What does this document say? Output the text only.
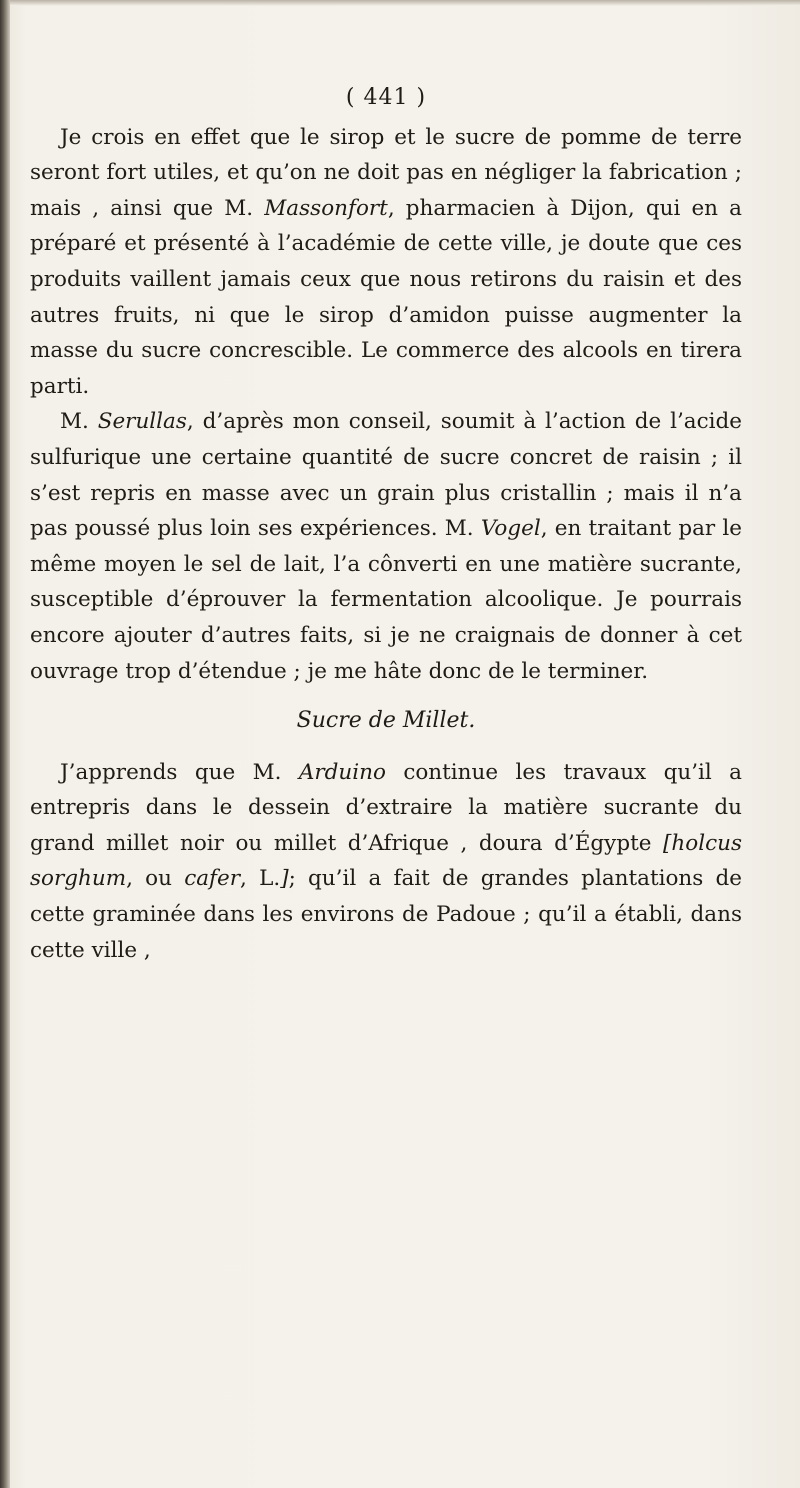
( 441 )

Je crois en effet que le sirop et le sucre de pomme de terre seront fort utiles, et qu’on ne doit pas en négliger la fabrication ; mais , ainsi que M. Massonfort, pharmacien à Dijon, qui en a préparé et présenté à l’académie de cette ville, je doute que ces produits vaillent jamais ceux que nous retirons du raisin et des autres fruits, ni que le sirop d’amidon puisse augmenter la masse du sucre concrescible. Le commerce des alcools en tirera parti.

M. Serullas, d’après mon conseil, soumit à l’action de l’acide sulfurique une certaine quantité de sucre concret de raisin ; il s’est repris en masse avec un grain plus cristallin ; mais il n’a pas poussé plus loin ses expériences. M. Vogel, en traitant par le même moyen le sel de lait, l’a cônverti en une matière sucrante, susceptible d’éprouver la fermentation alcoolique. Je pourrais encore ajouter d’autres faits, si je ne craignais de donner à cet ouvrage trop d’étendue ; je me hâte donc de le terminer.

Sucre de Millet.

J’apprends que M. Arduino continue les travaux qu’il a entrepris dans le dessein d’extraire la matière sucrante du grand millet noir ou millet d’Afrique , doura d’Égypte [holcus sorghum, ou cafer, L.]; qu’il a fait de grandes plantations de cette graminée dans les environs de Padoue ; qu’il a établi, dans cette ville ,
